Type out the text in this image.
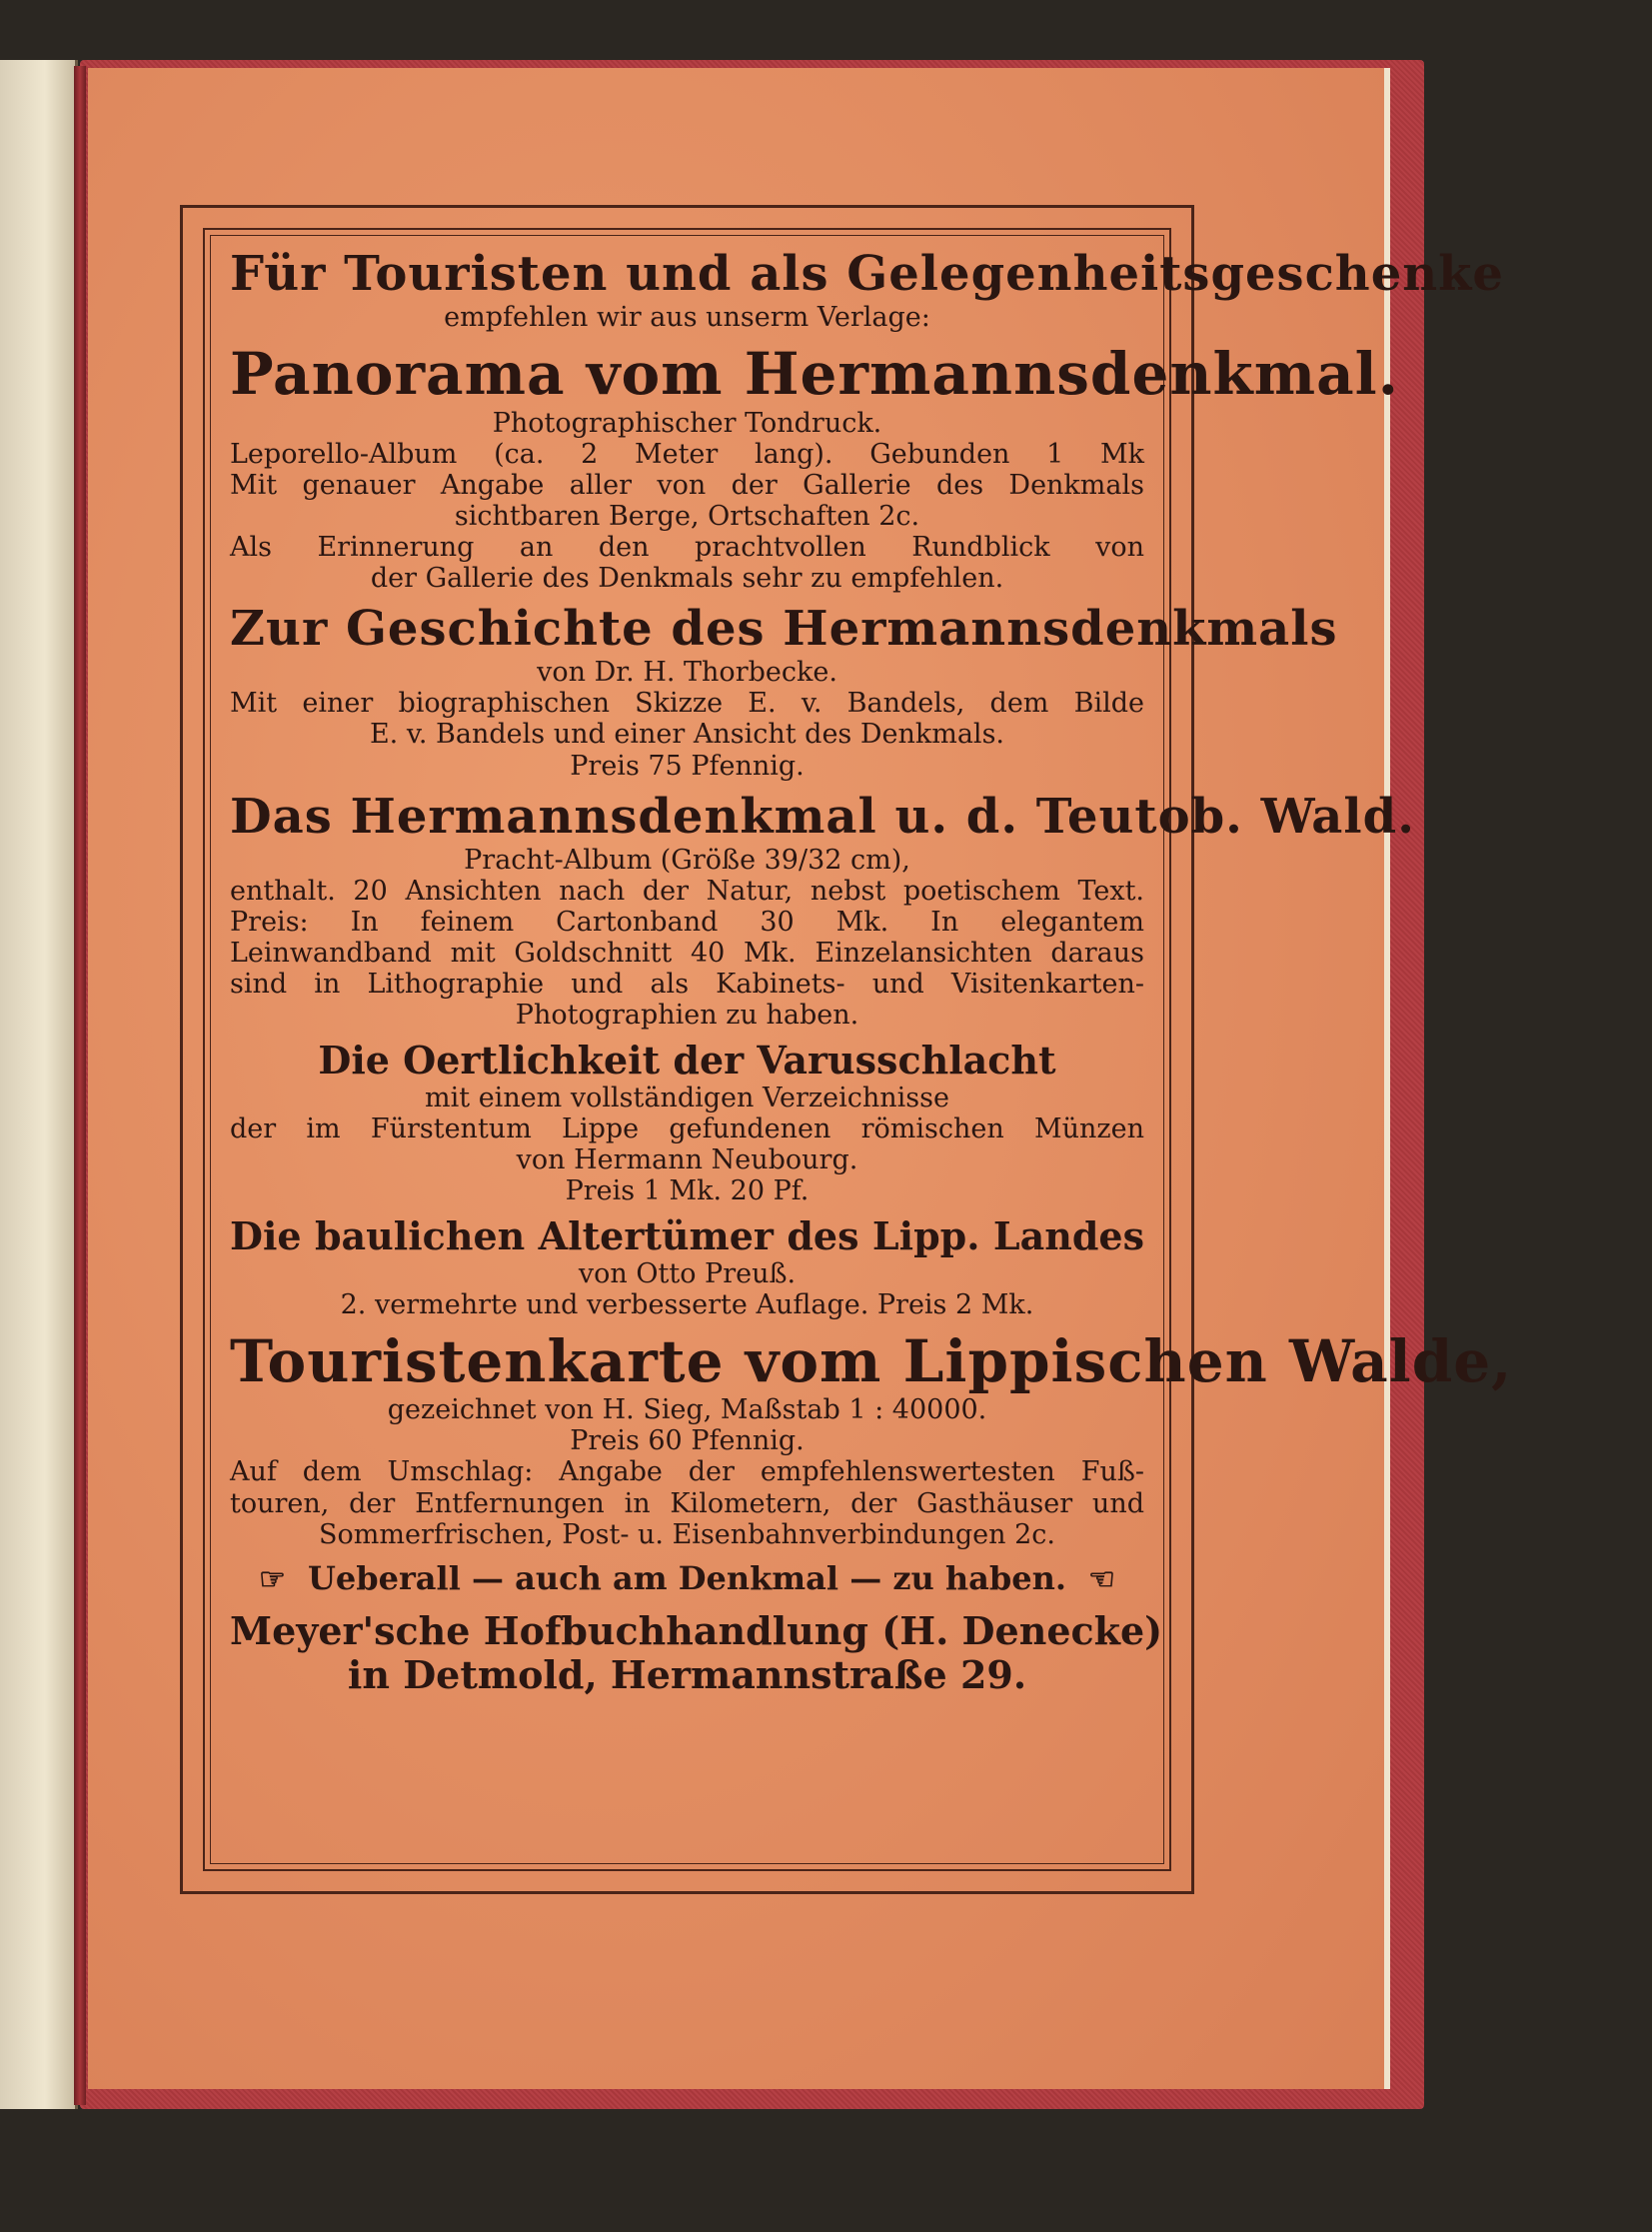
Für Touristen und als Gelegenheitsgeschenke

empfehlen wir aus unserm Verlage:

Panorama vom Hermannsdenkmal.

Photographischer Tondruck.

Leporello-Album (ca. 2 Meter lang). Gebunden 1 Mk

Mit genauer Angabe aller von der Gallerie des Denkmals

sichtbaren Berge, Ortschaften 2c.

Als Erinnerung an den prachtvollen Rundblick von

der Gallerie des Denkmals sehr zu empfehlen.

Zur Geschichte des Hermannsdenkmals

von Dr. H. Thorbecke.

Mit einer biographischen Skizze E. v. Bandels, dem Bilde

E. v. Bandels und einer Ansicht des Denkmals.

Preis 75 Pfennig.

Das Hermannsdenkmal u. d. Teutob. Wald.

Pracht-Album (Größe 39/32 cm),

enthalt. 20 Ansichten nach der Natur, nebst poetischem Text.

Preis: In feinem Cartonband 30 Mk. In elegantem

Leinwandband mit Goldschnitt 40 Mk. Einzelansichten daraus

sind in Lithographie und als Kabinets- und Visitenkarten-

Photographien zu haben.

Die Oertlichkeit der Varusschlacht

mit einem vollständigen Verzeichnisse

der im Fürstentum Lippe gefundenen römischen Münzen

von Hermann Neubourg.

Preis 1 Mk. 20 Pf.

Die baulichen Altertümer des Lipp. Landes

von Otto Preuß.

2. vermehrte und verbesserte Auflage. Preis 2 Mk.

Touristenkarte vom Lippischen Walde,

gezeichnet von H. Sieg, Maßstab 1 : 40000.

Preis 60 Pfennig.

Auf dem Umschlag: Angabe der empfehlenswertesten Fuß-

touren, der Entfernungen in Kilometern, der Gasthäuser und

Sommerfrischen, Post- u. Eisenbahnverbindungen 2c.

☞ Ueberall — auch am Denkmal — zu haben. ☜

Meyer'sche Hofbuchhandlung (H. Denecke)

in Detmold, Hermannstraße 29.
